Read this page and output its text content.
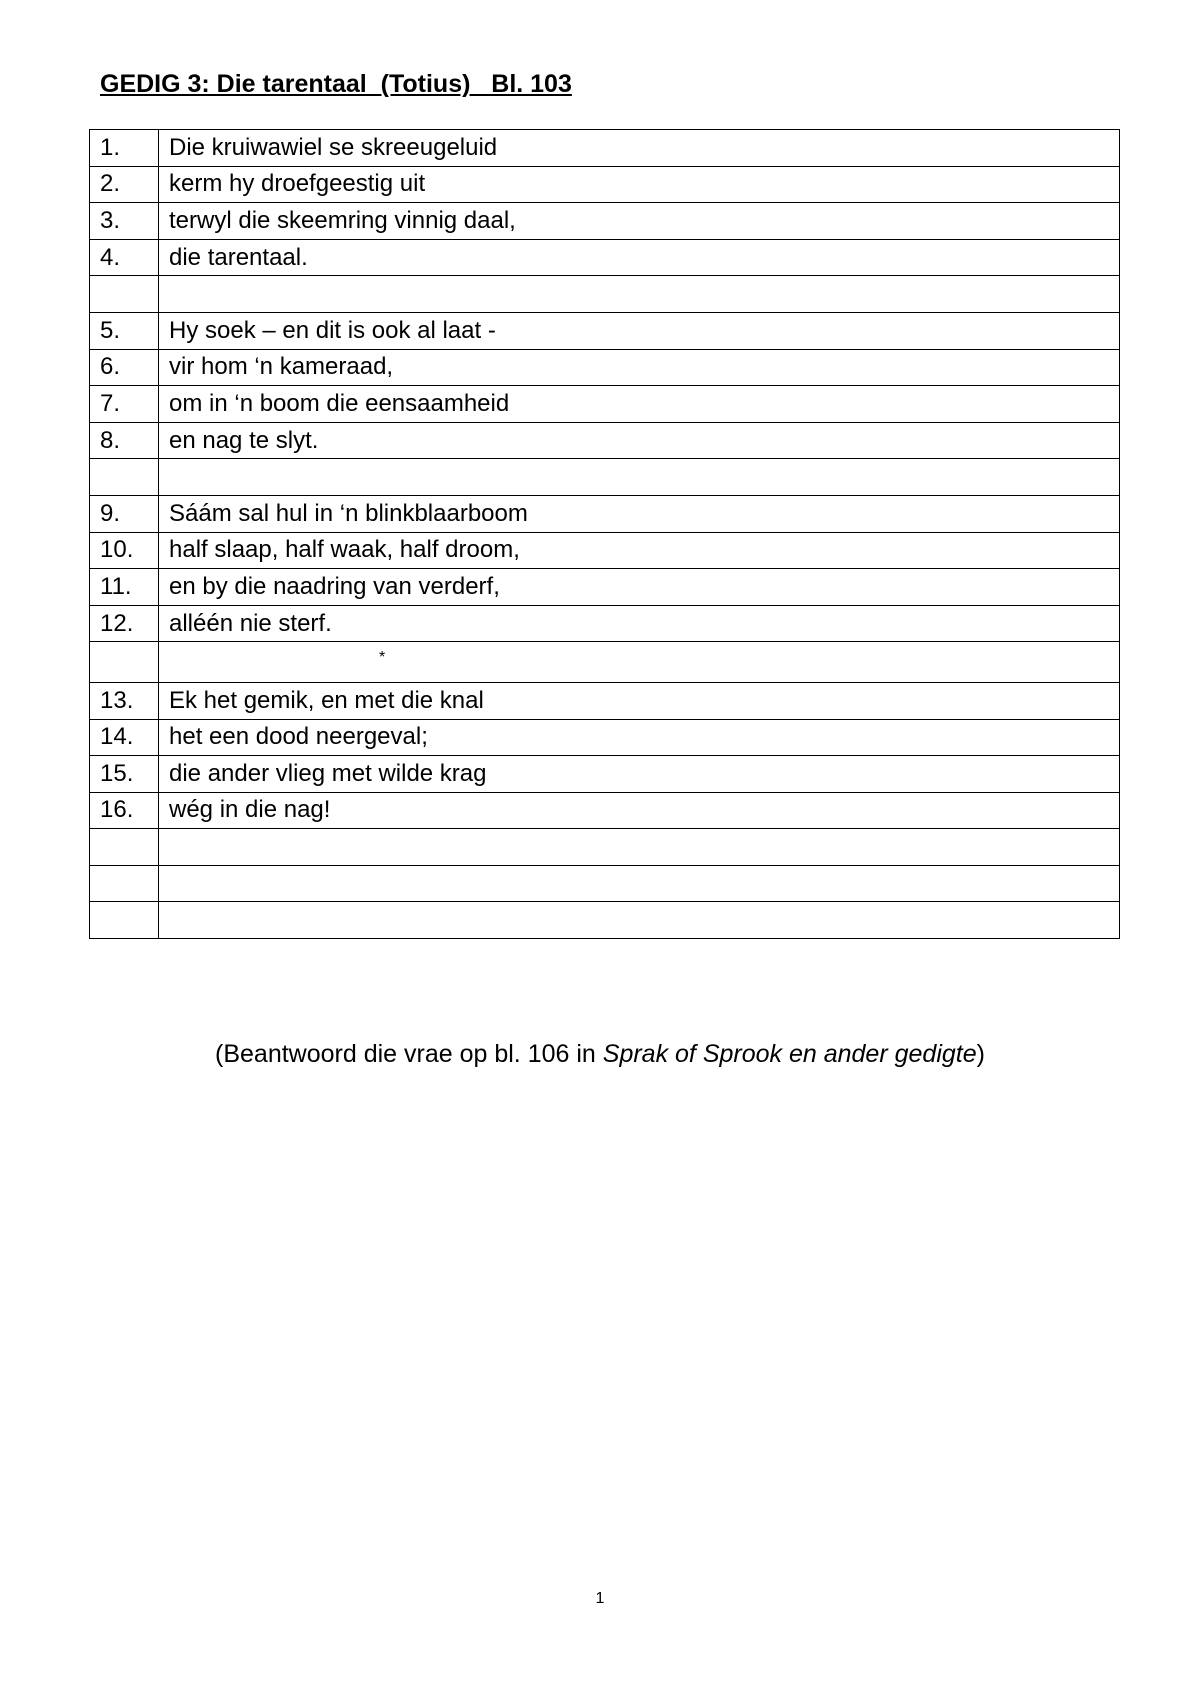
GEDIG 3: Die tarentaal  (Totius)   Bl. 103
1.	Die kruiwawiel se skreeugeluid
2.	kerm hy droefgeestig uit
3.	terwyl die skeemring vinnig daal,
4.	die tarentaal.

5.	Hy soek – en dit is ook al laat -
6.	vir hom ‘n kameraad,
7.	om in ‘n boom die eensaamheid
8.	en nag te slyt.

9.	Sáám sal hul in ‘n blinkblaarboom
10.	half slaap, half waak, half droom,
11.	en by die naadring van verderf,
12.	alléén nie sterf.
	*
13.	Ek het gemik, en met die knal
14.	het een dood neergeval;
15.	die ander vlieg met wilde krag
16.	wég in die nag!

(Beantwoord die vrae op bl. 106 in Sprak of Sprook en ander gedigte)
1
